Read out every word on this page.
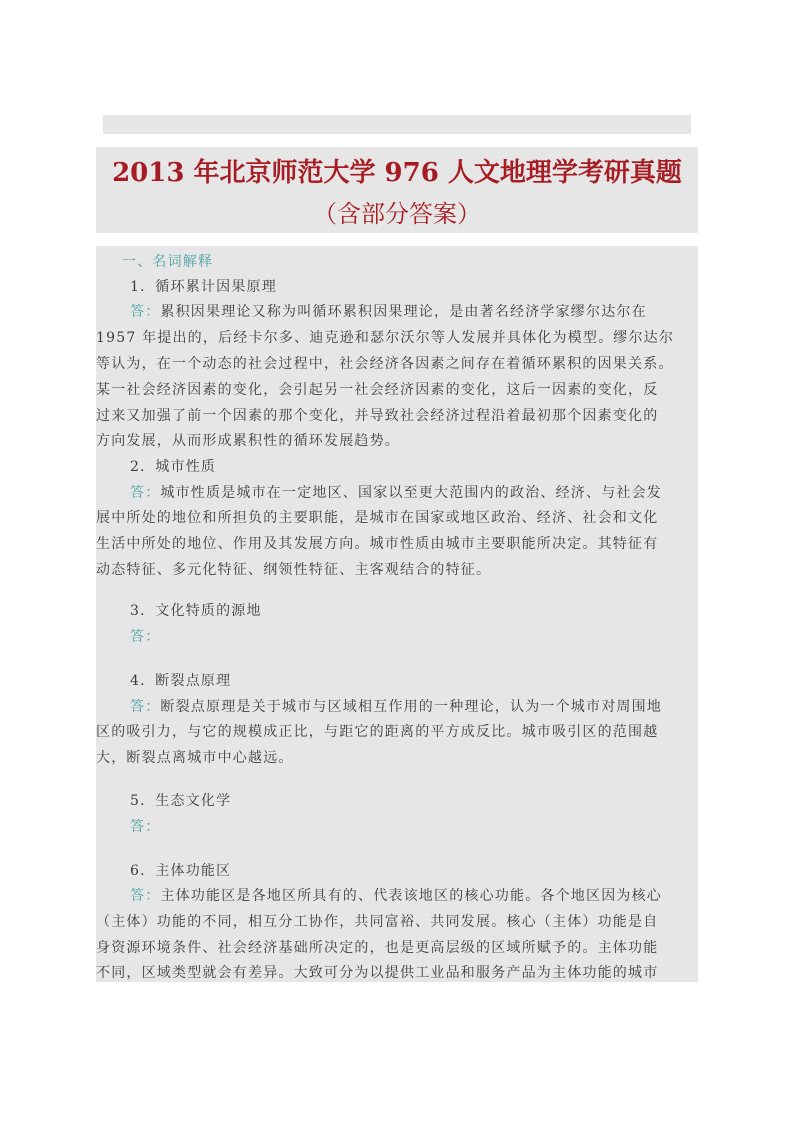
2013 年北京师范大学 976 人文地理学考研真题
（含部分答案）
一、名词解释
1．循环累计因果原理
答：累积因果理论又称为叫循环累积因果理论，是由著名经济学家缪尔达尔在
1957 年提出的，后经卡尔多、迪克逊和瑟尔沃尔等人发展并具体化为模型。缪尔达尔
等认为，在一个动态的社会过程中，社会经济各因素之间存在着循环累积的因果关系。
某一社会经济因素的变化，会引起另一社会经济因素的变化，这后一因素的变化，反
过来又加强了前一个因素的那个变化，并导致社会经济过程沿着最初那个因素变化的
方向发展，从而形成累积性的循环发展趋势。
2．城市性质
答：城市性质是城市在一定地区、国家以至更大范围内的政治、经济、与社会发
展中所处的地位和所担负的主要职能，是城市在国家或地区政治、经济、社会和文化
生活中所处的地位、作用及其发展方向。城市性质由城市主要职能所决定。其特征有
动态特征、多元化特征、纲领性特征、主客观结合的特征。
3．文化特质的源地
答：
4．断裂点原理
答：断裂点原理是关于城市与区域相互作用的一种理论，认为一个城市对周围地
区的吸引力，与它的规模成正比，与距它的距离的平方成反比。城市吸引区的范围越
大，断裂点离城市中心越远。
5．生态文化学
答：
6．主体功能区
答：主体功能区是各地区所具有的、代表该地区的核心功能。各个地区因为核心
（主体）功能的不同，相互分工协作，共同富裕、共同发展。核心（主体）功能是自
身资源环境条件、社会经济基础所决定的，也是更高层级的区域所赋予的。主体功能
不同，区域类型就会有差异。大致可分为以提供工业品和服务产品为主体功能的城市
